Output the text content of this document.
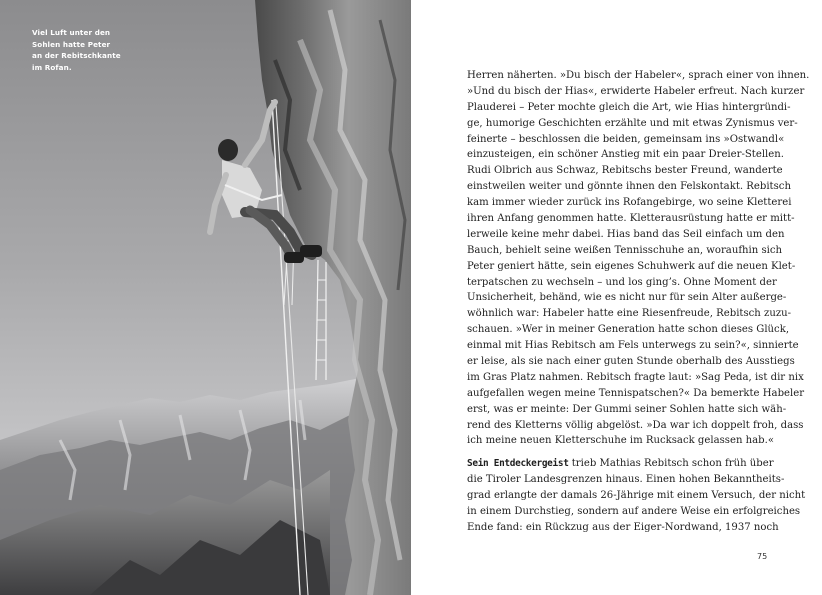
Viel Luft unter den
Sohlen hatte Peter
an der Rebitschkante
im Rofan.
Herren näherten. »Du bisch der Habeler«, sprach einer von ihnen.
»Und du bisch der Hias«, erwiderte Habeler erfreut. Nach kurzer
Plauderei – Peter mochte gleich die Art, wie Hias hintergründi-
ge, humorige Geschichten erzählte und mit etwas Zynismus ver-
feinerte – beschlossen die beiden, gemeinsam ins »Ostwandl«
einzusteigen, ein schöner Anstieg mit ein paar Dreier-Stellen.
Rudi Olbrich aus Schwaz, Rebitschs bester Freund, wanderte
einstweilen weiter und gönnte ihnen den Felskontakt. Rebitsch
kam immer wieder zurück ins Rofangebirge, wo seine Kletterei
ihren Anfang genommen hatte. Kletterausrüstung hatte er mitt-
lerweile keine mehr dabei. Hias band das Seil einfach um den
Bauch, behielt seine weißen Tennisschuhe an, woraufhin sich
Peter geniert hätte, sein eigenes Schuhwerk auf die neuen Klet-
terpatschen zu wechseln – und los ging’s. Ohne Moment der
Unsicherheit, behänd, wie es nicht nur für sein Alter außerge-
wöhnlich war: Habeler hatte eine Riesenfreude, Rebitsch zuzu-
schauen. »Wer in meiner Generation hatte schon dieses Glück,
einmal mit Hias Rebitsch am Fels unterwegs zu sein?«, sinnierte
er leise, als sie nach einer guten Stunde oberhalb des Ausstiegs
im Gras Platz nahmen. Rebitsch fragte laut: »Sag Peda, ist dir nix
aufgefallen wegen meine Tennispatschen?« Da bemerkte Habeler
erst, was er meinte: Der Gummi seiner Sohlen hatte sich wäh-
rend des Kletterns völlig abgelöst. »Da war ich doppelt froh, dass
ich meine neuen Kletterschuhe im Rucksack gelassen hab.«
Sein Entdeckergeist trieb Mathias Rebitsch schon früh über
die Tiroler Landesgrenzen hinaus. Einen hohen Bekanntheits-
grad erlangte der damals 26-Jährige mit einem Versuch, der nicht
in einem Durchstieg, sondern auf andere Weise ein erfolgreiches
Ende fand: ein Rückzug aus der Eiger-Nordwand, 1937 noch
75
